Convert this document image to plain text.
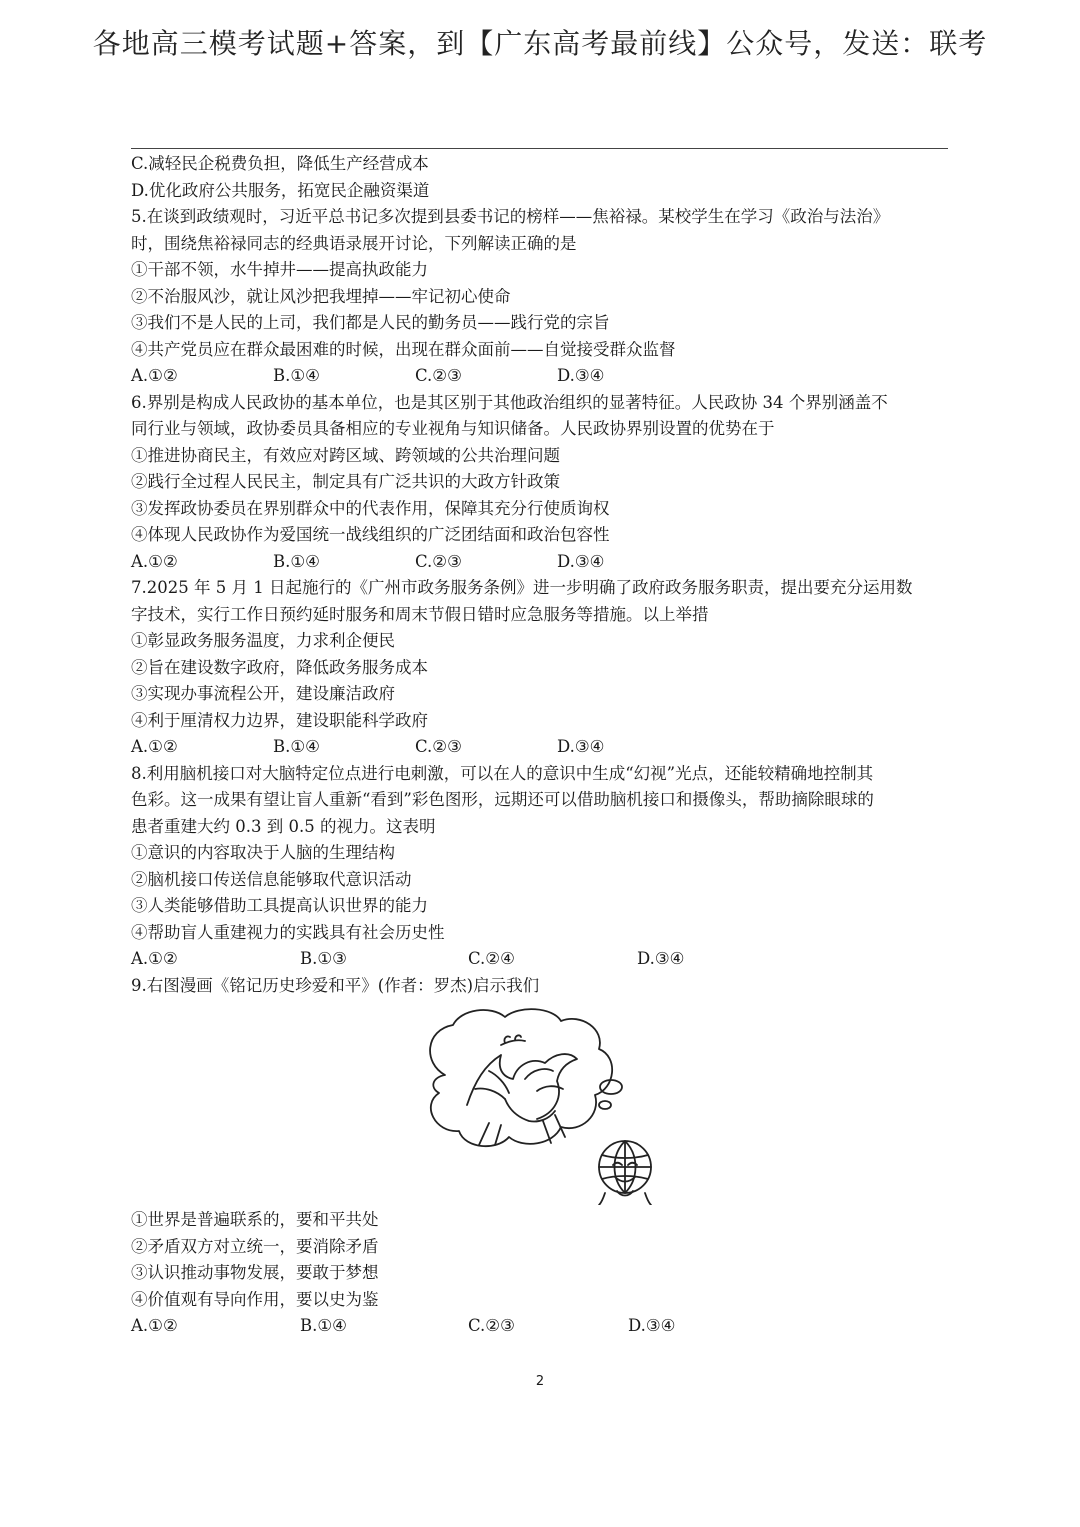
各地高三模考试题+答案，到【广东高考最前线】公众号，发送：联考
C.减轻民企税费负担，降低生产经营成本
D.优化政府公共服务，拓宽民企融资渠道
5.在谈到政绩观时，习近平总书记多次提到县委书记的榜样——焦裕禄。某校学生在学习《政治与法治》
时，围绕焦裕禄同志的经典语录展开讨论，下列解读正确的是
①干部不领，水牛掉井——提高执政能力
②不治服风沙，就让风沙把我埋掉——牢记初心使命
③我们不是人民的上司，我们都是人民的勤务员——践行党的宗旨
④共产党员应在群众最困难的时候，出现在群众面前——自觉接受群众监督
A.①②	B.①④	C.②③	D.③④
6.界别是构成人民政协的基本单位，也是其区别于其他政治组织的显著特征。人民政协 34 个界别涵盖不
同行业与领域，政协委员具备相应的专业视角与知识储备。人民政协界别设置的优势在于
①推进协商民主，有效应对跨区域、跨领域的公共治理问题
②践行全过程人民民主，制定具有广泛共识的大政方针政策
③发挥政协委员在界别群众中的代表作用，保障其充分行使质询权
④体现人民政协作为爱国统一战线组织的广泛团结面和政治包容性
A.①②	B.①④	C.②③	D.③④
7.2025 年 5 月 1 日起施行的《广州市政务服务条例》进一步明确了政府政务服务职责，提出要充分运用数
字技术，实行工作日预约延时服务和周末节假日错时应急服务等措施。以上举措
①彰显政务服务温度，力求利企便民
②旨在建设数字政府，降低政务服务成本
③实现办事流程公开，建设廉洁政府
④利于厘清权力边界，建设职能科学政府
A.①②	B.①④	C.②③	D.③④
8.利用脑机接口对大脑特定位点进行电刺激，可以在人的意识中生成“幻视”光点，还能较精确地控制其
色彩。这一成果有望让盲人重新“看到”彩色图形，远期还可以借助脑机接口和摄像头，帮助摘除眼球的
患者重建大约 0.3 到 0.5 的视力。这表明
①意识的内容取决于人脑的生理结构
②脑机接口传送信息能够取代意识活动
③人类能够借助工具提高认识世界的能力
④帮助盲人重建视力的实践具有社会历史性
A.①②	B.①③	C.②④	D.③④
9.右图漫画《铭记历史珍爱和平》(作者：罗杰)启示我们
①世界是普遍联系的，要和平共处
②矛盾双方对立统一，要消除矛盾
③认识推动事物发展，要敢于梦想
④价值观有导向作用，要以史为鉴
A.①②	B.①④	C.②③	D.③④
2
